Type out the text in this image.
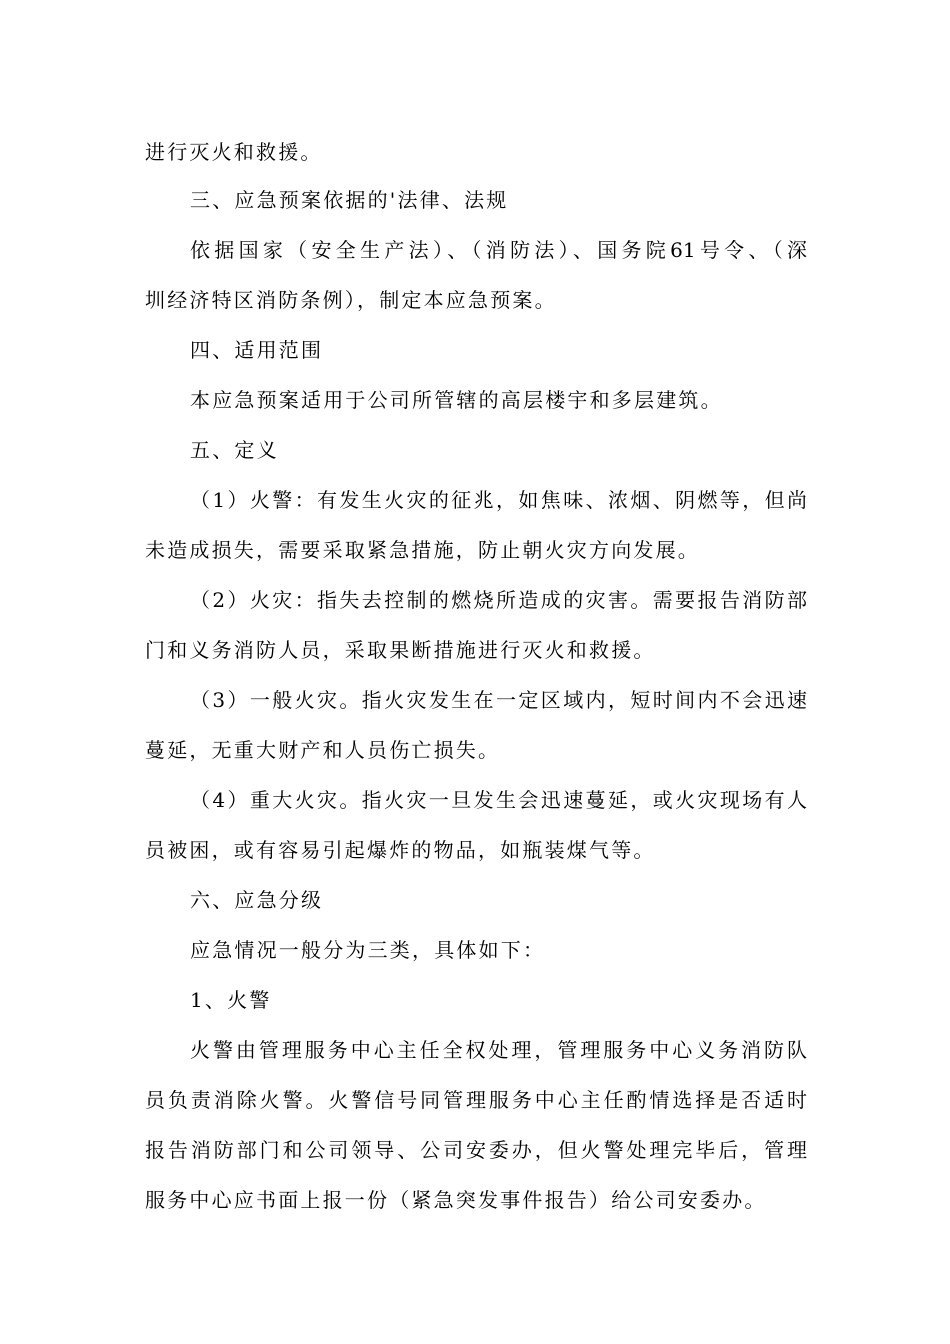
进行灭火和救援。
三、应急预案依据的'法律、法规
依据国家（安全生产法）、（消防法）、国务院61号令、（深
圳经济特区消防条例），制定本应急预案。
四、适用范围
本应急预案适用于公司所管辖的高层楼宇和多层建筑。
五、定义
（1）火警：有发生火灾的征兆，如焦味、浓烟、阴燃等，但尚
未造成损失，需要采取紧急措施，防止朝火灾方向发展。
（2）火灾：指失去控制的燃烧所造成的灾害。需要报告消防部
门和义务消防人员，采取果断措施进行灭火和救援。
（3）一般火灾。指火灾发生在一定区域内，短时间内不会迅速
蔓延，无重大财产和人员伤亡损失。
（4）重大火灾。指火灾一旦发生会迅速蔓延，或火灾现场有人
员被困，或有容易引起爆炸的物品，如瓶装煤气等。
六、应急分级
应急情况一般分为三类，具体如下：
1、火警
火警由管理服务中心主任全权处理，管理服务中心义务消防队
员负责消除火警。火警信号同管理服务中心主任酌情选择是否适时
报告消防部门和公司领导、公司安委办，但火警处理完毕后，管理
服务中心应书面上报一份（紧急突发事件报告）给公司安委办。
